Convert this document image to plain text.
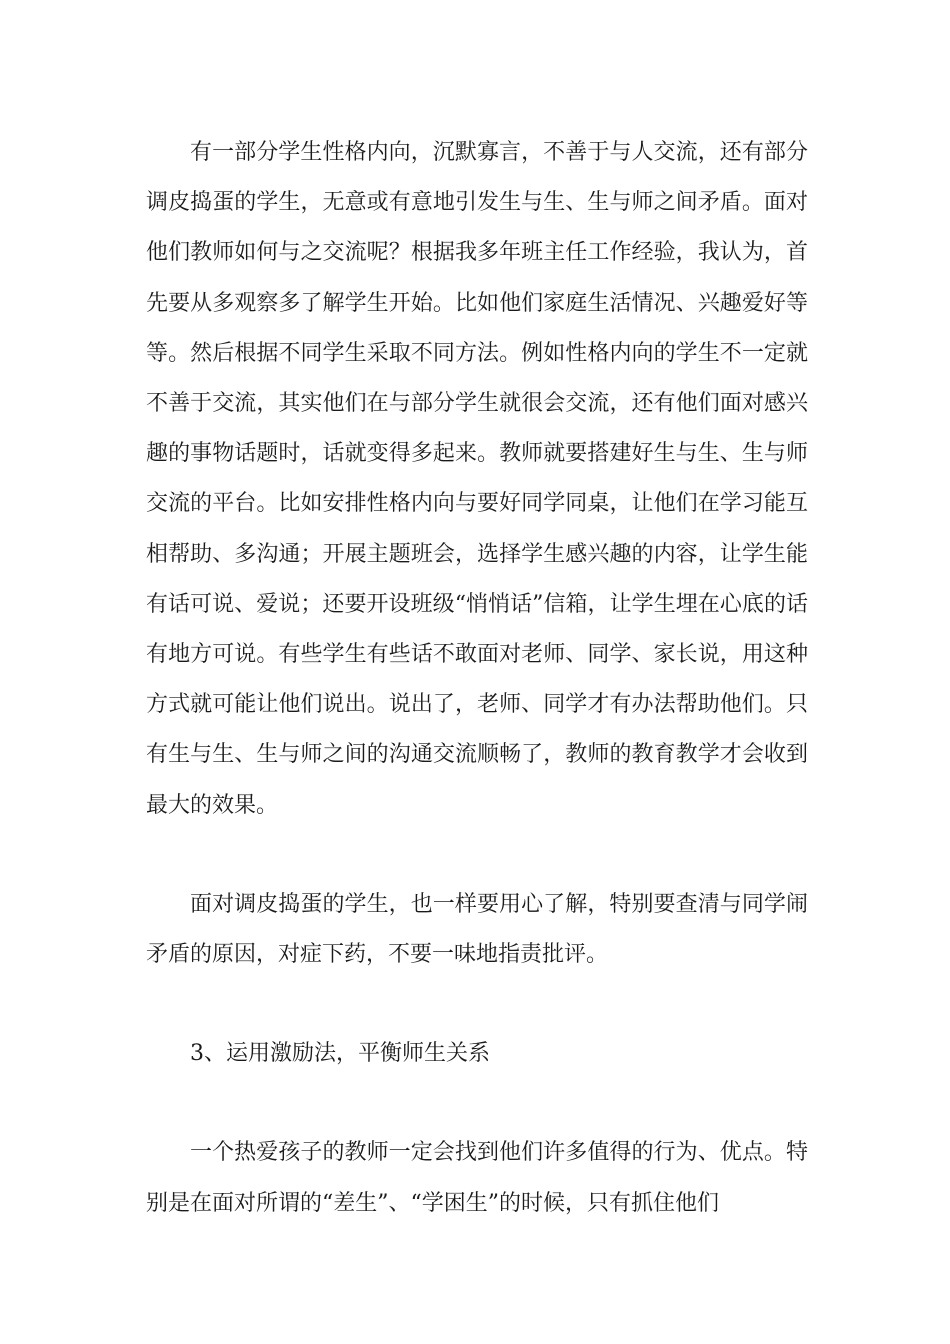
有一部分学生性格内向，沉默寡言，不善于与人交流，还有部分调皮捣蛋的学生，无意或有意地引发生与生、生与师之间矛盾。面对他们教师如何与之交流呢？根据我多年班主任工作经验，我认为，首先要从多观察多了解学生开始。比如他们家庭生活情况、兴趣爱好等等。然后根据不同学生采取不同方法。例如性格内向的学生不一定就不善于交流，其实他们在与部分学生就很会交流，还有他们面对感兴趣的事物话题时，话就变得多起来。教师就要搭建好生与生、生与师交流的平台。比如安排性格内向与要好同学同桌，让他们在学习能互相帮助、多沟通；开展主题班会，选择学生感兴趣的内容，让学生能有话可说、爱说；还要开设班级“悄悄话”信箱，让学生埋在心底的话有地方可说。有些学生有些话不敢面对老师、同学、家长说，用这种方式就可能让他们说出。说出了，老师、同学才有办法帮助他们。只有生与生、生与师之间的沟通交流顺畅了，教师的教育教学才会收到最大的效果。

面对调皮捣蛋的学生，也一样要用心了解，特别要查清与同学闹矛盾的原因，对症下药，不要一味地指责批评。

3、运用激励法，平衡师生关系

一个热爱孩子的教师一定会找到他们许多值得的行为、优点。特别是在面对所谓的“差生”、“学困生”的时候，只有抓住他们
